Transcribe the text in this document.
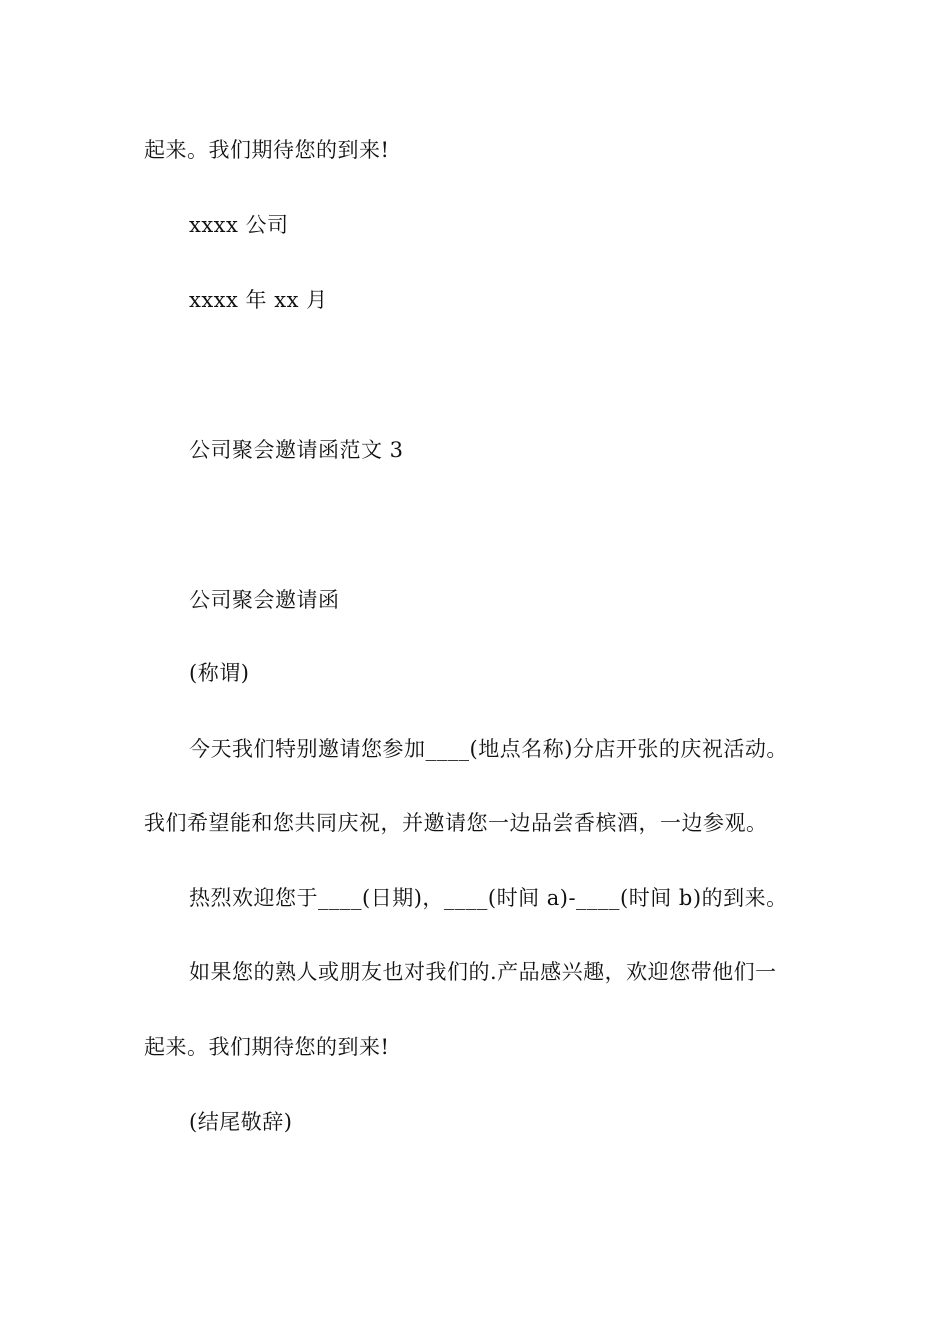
起来。我们期待您的到来!
xxxx 公司
xxxx 年 xx 月
公司聚会邀请函范文 3
公司聚会邀请函
(称谓)
今天我们特别邀请您参加____(地点名称)分店开张的庆祝活动。
我们希望能和您共同庆祝，并邀请您一边品尝香槟酒，一边参观。
热烈欢迎您于____(日期)，____(时间 a)-____(时间 b)的到来。
如果您的熟人或朋友也对我们的.产品感兴趣，欢迎您带他们一
起来。我们期待您的到来!
(结尾敬辞)
